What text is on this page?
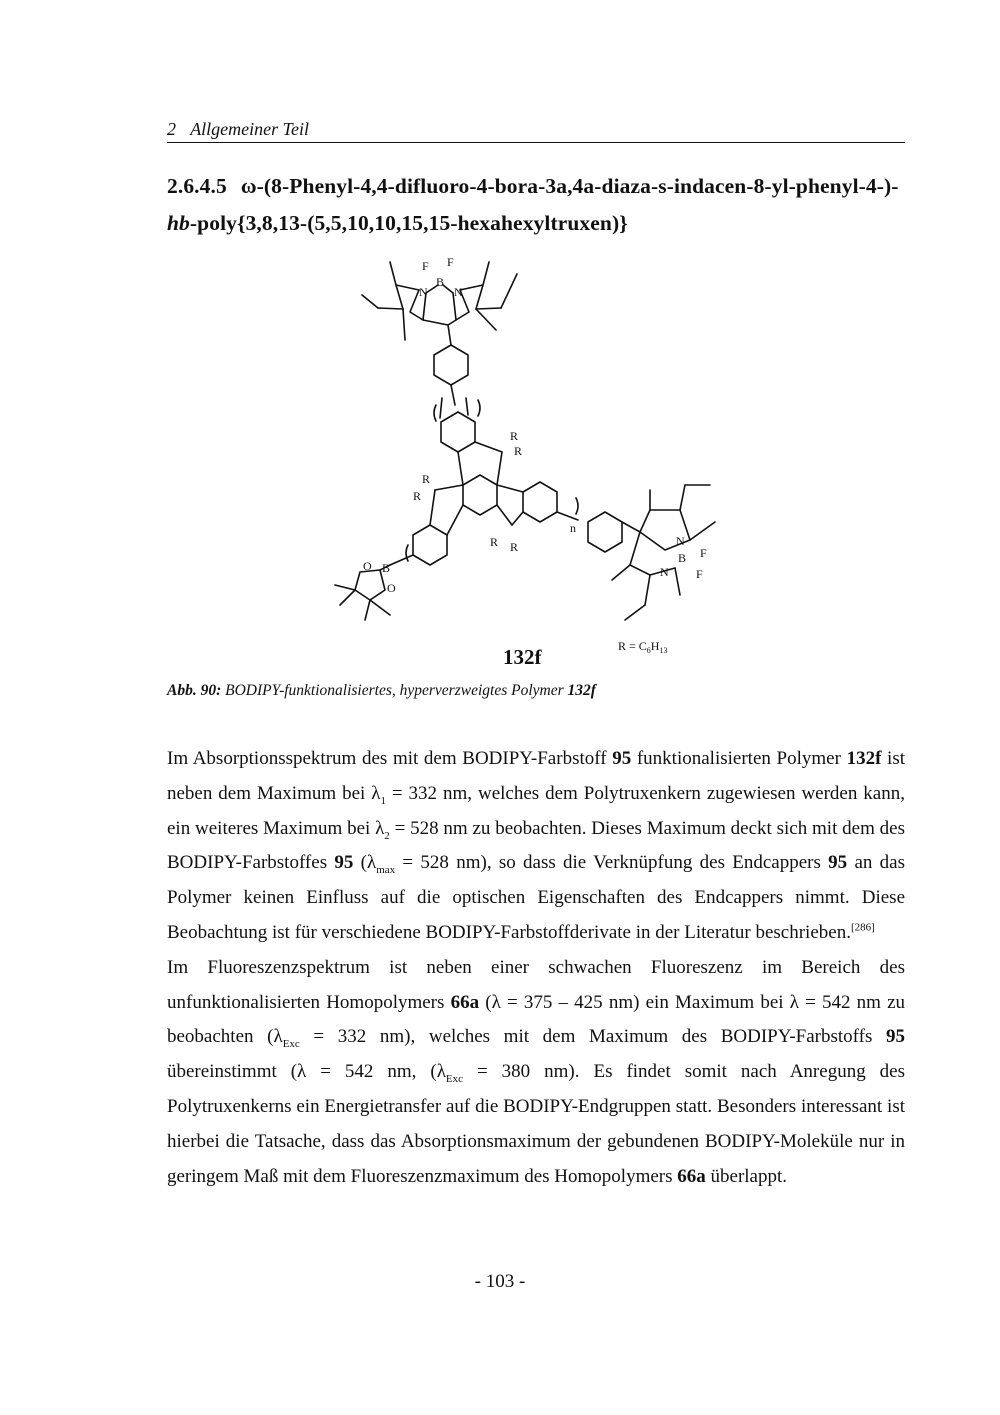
2 Allgemeiner Teil
2.6.4.5 ω-(8-Phenyl-4,4-difluoro-4-bora-3a,4a-diaza-s-indacen-8-yl-phenyl-4-)-
hb-poly{3,8,13-(5,5,10,10,15,15-hexahexyltruxen)}
F F
B
N N
R
R
R
R
R R
n
N
B F
F
N
O B
O
$R = C_6H_{13}$
132f
Abb. 90: BODIPY-funktionalisiertes, hyperverzweigtes Polymer 132f

Im Absorptionsspektrum des mit dem BODIPY-Farbstoff 95 funktionalisierten Polymer 132f ist neben dem Maximum bei $\lambda_1 = 332$ nm, welches dem Polytruxenkern zugewiesen werden kann, ein weiteres Maximum bei $\lambda_2 = 528$ nm zu beobachten. Dieses Maximum deckt sich mit dem des BODIPY-Farbstoffes 95 ($\lambda_{max} = 528$ nm), so dass die Verknüpfung des Endcappers 95 an das Polymer keinen Einfluss auf die optischen Eigenschaften des Endcappers nimmt. Diese Beobachtung ist für verschiedene BODIPY-Farbstoffderivate in der Literatur beschrieben.[286]

Im Fluoreszenzspektrum ist neben einer schwachen Fluoreszenz im Bereich des unfunktionalisierten Homopolymers 66a (λ = 375 – 425 nm) ein Maximum bei λ = 542 nm zu beobachten ($\lambda_{Exc} = 332$ nm), welches mit dem Maximum des BODIPY-Farbstoffs 95 übereinstimmt (λ = 542 nm, ($\lambda_{Exc} = 380$ nm). Es findet somit nach Anregung des Polytruxenkerns ein Energietransfer auf die BODIPY-Endgruppen statt. Besonders interessant ist hierbei die Tatsache, dass das Absorptionsmaximum der gebundenen BODIPY-Moleküle nur in geringem Maß mit dem Fluoreszenzmaximum des Homopolymers 66a überlappt.

- 103 -
